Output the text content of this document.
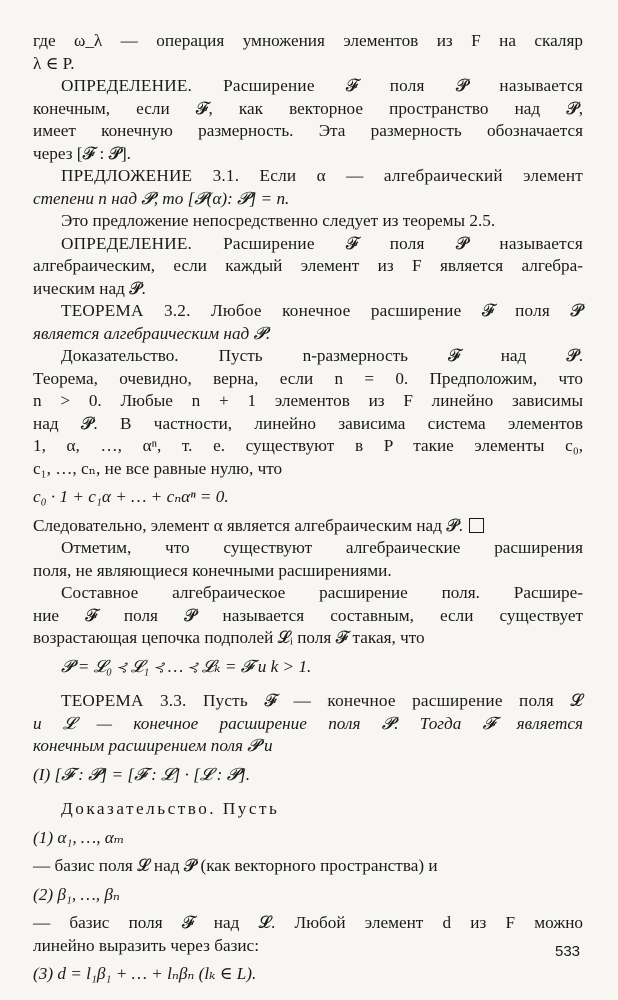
где ω_λ — операция умножения элементов из F на скаляр
λ ∈ P.
ОПРЕДЕЛЕНИЕ. Расширение 𝓕 поля 𝓟 называется
конечным, если 𝓕, как векторное пространство над 𝓟,
имеет конечную размерность. Эта размерность обозначается
через [𝓕 : 𝓟].
ПРЕДЛОЖЕНИЕ 3.1. Если α — алгебраический элемент
степени n над 𝓟, то [𝓟(α): 𝓟] = n.
Это предложение непосредственно следует из теоремы 2.5.
ОПРЕДЕЛЕНИЕ. Расширение 𝓕 поля 𝓟 называется
алгебраическим, если каждый элемент из F является алгебра-
ическим над 𝓟.
ТЕОРЕМА 3.2. Любое конечное расширение 𝓕 поля 𝓟
является алгебраическим над 𝓟.
Доказательство. Пусть n-размерность 𝓕 над 𝓟.
Теорема, очевидно, верна, если n = 0. Предположим, что
n > 0. Любые n + 1 элементов из F линейно зависимы
над 𝓟. В частности, линейно зависима система элементов
1, α, …, αⁿ, т. е. существуют в P такие элементы c₀,
c₁, …, cₙ, не все равные нулю, что
c₀ · 1 + c₁α + … + cₙαⁿ = 0.
Следовательно, элемент α является алгебраическим над 𝓟.
Отметим, что существуют алгебраические расширения
поля, не являющиеся конечными расширениями.
Составное алгебраическое расширение поля. Расшире-
ние 𝓕 поля 𝓟 называется составным, если существует
возрастающая цепочка подполей 𝓛ᵢ поля 𝓕 такая, что
𝓟 = 𝓛₀ ⊰ 𝓛₁ ⊰ … ⊰ 𝓛ₖ = 𝓕 и k > 1.
ТЕОРЕМА 3.3. Пусть 𝓕 — конечное расширение поля 𝓛
и 𝓛 — конечное расширение поля 𝓟. Тогда 𝓕 является
конечным расширением поля 𝓟 и
(I) [𝓕 : 𝓟] = [𝓕 : 𝓛] · [𝓛 : 𝓟].
Доказательство. Пусть
(1) α₁, …, αₘ
— базис поля 𝓛 над 𝓟 (как векторного пространства) и
(2) β₁, …, βₙ
— базис поля 𝓕 над 𝓛. Любой элемент d из F можно
линейно выразить через базис:
(3) d = l₁β₁ + … + lₙβₙ (lₖ ∈ L).
533
